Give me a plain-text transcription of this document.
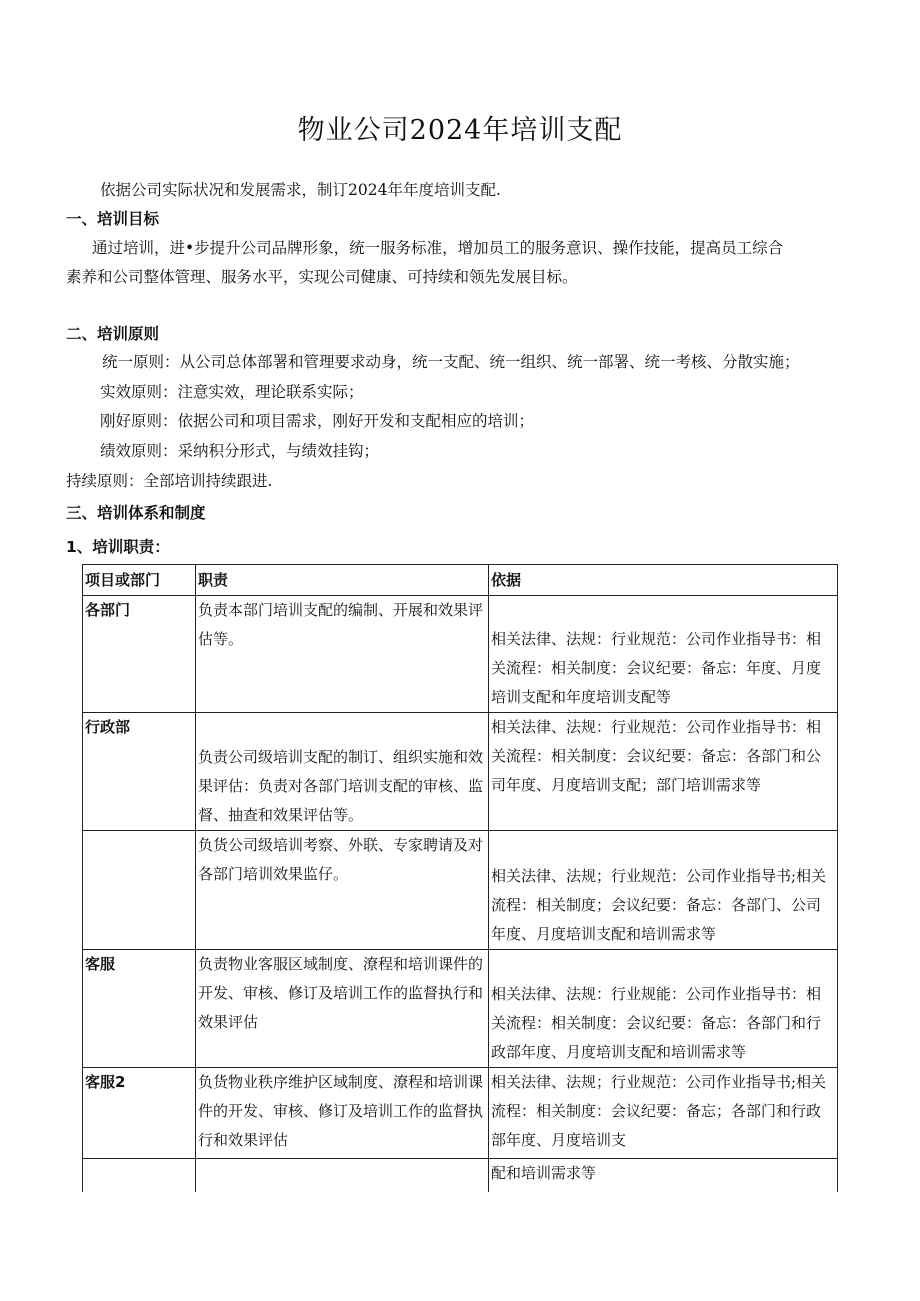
物业公司2024年培训支配
依据公司实际状况和发展需求，制订2024年年度培训支配.
一、培训目标
通过培训，进•步提升公司品牌形象，统一服务标准，增加员工的服务意识、操作技能，提高员工综合
素养和公司整体管理、服务水平，实现公司健康、可持续和领先发展目标。
二、培训原则
统一原则：从公司总体部署和管理要求动身，统一支配、统一组织、统一部署、统一考核、分散实施；
实效原则：注意实效，理论联系实际；
刚好原则：依据公司和项目需求，刚好开发和支配相应的培训；
绩效原则：采纳积分形式，与绩效挂钩；
持续原则：全部培训持续跟进.
三、培训体系和制度
1、培训职责：
项目或部门	职责	依据
各部门	负责本部门培训支配的编制、开展和效果评估等。	相关法律、法规：行业规范：公司作业指导书：相关流程：相关制度：会议纪要：备忘：年度、月度培训支配和年度培训支配等
行政部	负责公司级培训支配的制订、组织实施和效果评估：负责对各部门培训支配的审核、监督、抽查和效果评估等。	相关法律、法规：行业规范：公司作业指导书：相关流程：相关制度：会议纪要：备忘：各部门和公司年度、月度培训支配；部门培训需求等
	负货公司级培训考察、外联、专家聘请及对各部门培训效果监仔。	相关法律、法规；行业规范：公司作业指导书;相关流程：相关制度；会议纪要：备忘：各部门、公司年度、月度培训支配和培训需求等
客服	负责物业客服区域制度、潦程和培训课件的开发、审核、修订及培训工作的监督执行和效果评估	相关法律、法规：行业规能：公司作业指导书：相关流程：相关制度：会议纪要：备忘：各部门和行政部年度、月度培训支配和培训需求等
客服2	负货物业秩序维护区域制度、潦程和培训课件的开发、审核、修订及培训工作的监督执行和效果评估	相关法律、法规；行业规范：公司作业指导书;相关流程：相关制度：会议纪要：备忘；各部门和行政部年度、月度培训支
		配和培训需求等
